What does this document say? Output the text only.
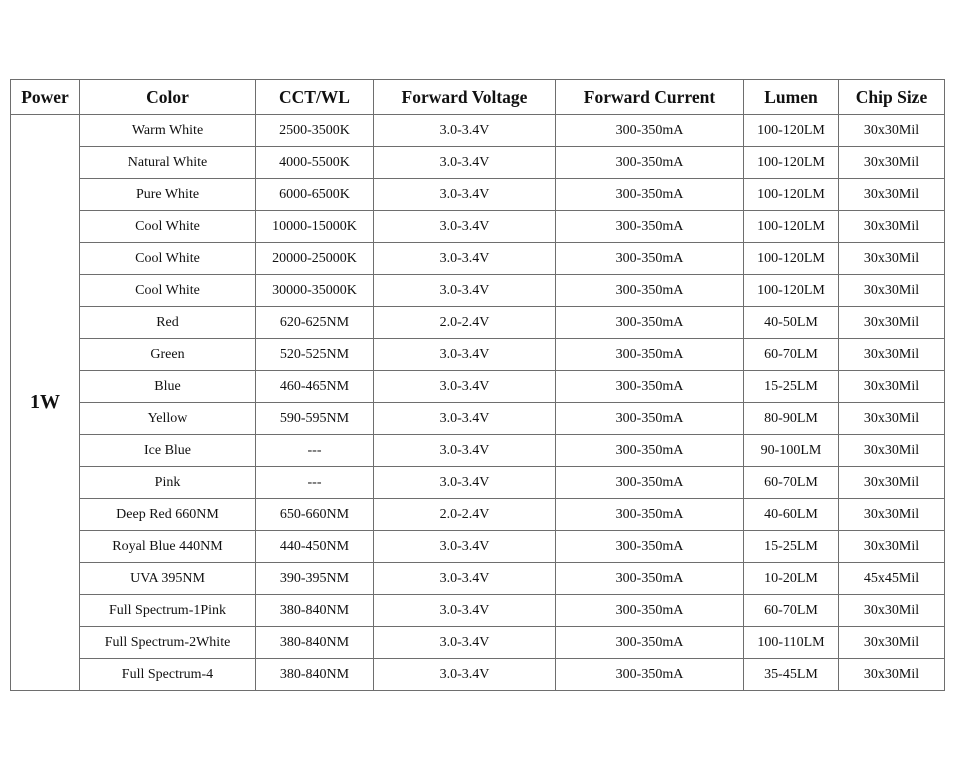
Power	Color	CCT/WL	Forward Voltage	Forward Current	Lumen	Chip Size
1W	Warm White	2500-3500K	3.0-3.4V	300-350mA	100-120LM	30x30Mil
	Natural White	4000-5500K	3.0-3.4V	300-350mA	100-120LM	30x30Mil
	Pure White	6000-6500K	3.0-3.4V	300-350mA	100-120LM	30x30Mil
	Cool White	10000-15000K	3.0-3.4V	300-350mA	100-120LM	30x30Mil
	Cool White	20000-25000K	3.0-3.4V	300-350mA	100-120LM	30x30Mil
	Cool White	30000-35000K	3.0-3.4V	300-350mA	100-120LM	30x30Mil
	Red	620-625NM	2.0-2.4V	300-350mA	40-50LM	30x30Mil
	Green	520-525NM	3.0-3.4V	300-350mA	60-70LM	30x30Mil
	Blue	460-465NM	3.0-3.4V	300-350mA	15-25LM	30x30Mil
	Yellow	590-595NM	3.0-3.4V	300-350mA	80-90LM	30x30Mil
	Ice Blue	---	3.0-3.4V	300-350mA	90-100LM	30x30Mil
	Pink	---	3.0-3.4V	300-350mA	60-70LM	30x30Mil
	Deep Red 660NM	650-660NM	2.0-2.4V	300-350mA	40-60LM	30x30Mil
	Royal Blue 440NM	440-450NM	3.0-3.4V	300-350mA	15-25LM	30x30Mil
	UVA 395NM	390-395NM	3.0-3.4V	300-350mA	10-20LM	45x45Mil
	Full Spectrum-1Pink	380-840NM	3.0-3.4V	300-350mA	60-70LM	30x30Mil
	Full Spectrum-2White	380-840NM	3.0-3.4V	300-350mA	100-110LM	30x30Mil
	Full Spectrum-4	380-840NM	3.0-3.4V	300-350mA	35-45LM	30x30Mil
